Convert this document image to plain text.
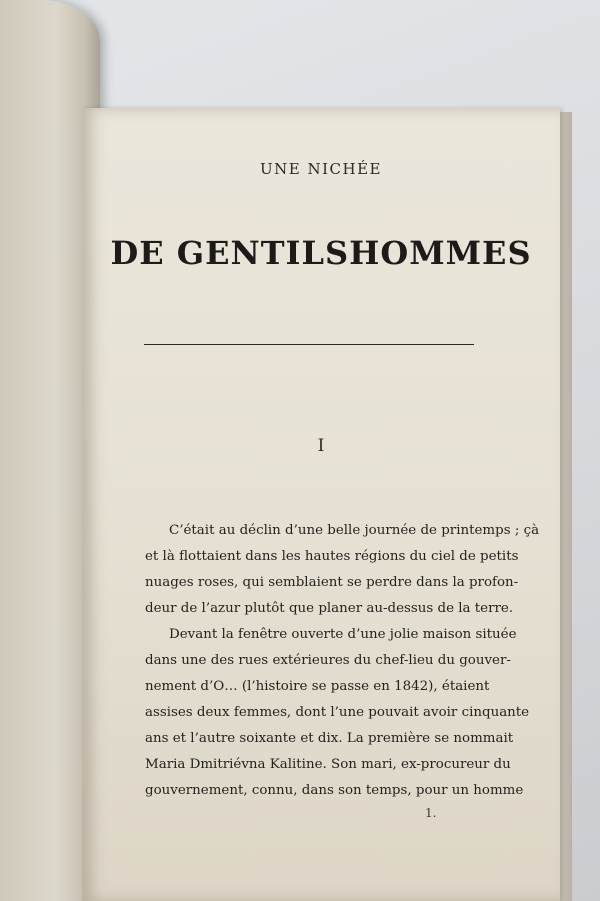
UNE NICHÉE
DE GENTILSHOMMES
I
C’était au déclin d’une belle journée de printemps ; çà
et là flottaient dans les hautes régions du ciel de petits
nuages roses, qui semblaient se perdre dans la profon-
deur de l’azur plutôt que planer au-dessus de la terre.
Devant la fenêtre ouverte d’une jolie maison située
dans une des rues extérieures du chef-lieu du gouver-
nement d’O… (l’histoire se passe en 1842), étaient
assises deux femmes, dont l’une pouvait avoir cinquante
ans et l’autre soixante et dix. La première se nommait
Maria Dmitriévna Kalitine. Son mari, ex-procureur du
gouvernement, connu, dans son temps, pour un homme
1.
